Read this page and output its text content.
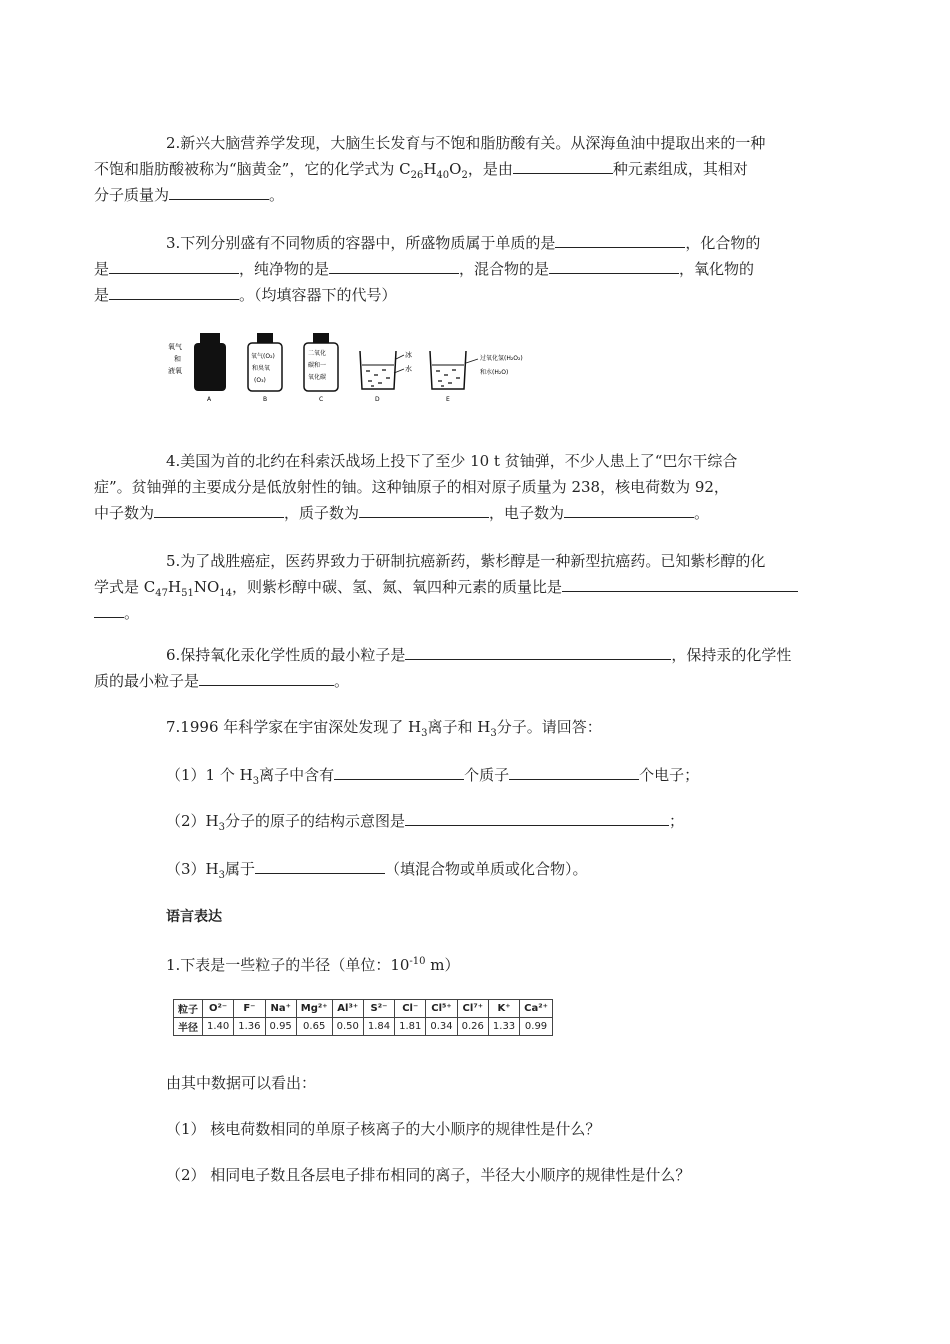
2.新兴大脑营养学发现，大脑生长发育与不饱和脂肪酸有关。从深海鱼油中提取出来的一种
不饱和脂肪酸被称为“脑黄金”，它的化学式为 $C_{26}H_{40}O_2$，是由	种元素组成，其相对
分子质量为	。

3.下列分别盛有不同物质的容器中，所盛物质属于单质的是	，化合物的
是	，纯净物的是	，混合物的是	，氧化物的
是	。（均填容器下的代号）

氧气
和
液氧
A
氧气(O₂)
和臭氧
(O₃)
B
二氧化
碳和一
氧化碳
C
冰
水
D
过氧化氢(H₂O₂)
和水(H₂O)
E

4.美国为首的北约在科索沃战场上投下了至少 10 t 贫铀弹，不少人患上了“巴尔干综合
症”。贫铀弹的主要成分是低放射性的铀。这种铀原子的相对原子质量为 238，核电荷数为 92，
中子数为	，质子数为	，电子数为	。

5.为了战胜癌症，医药界致力于研制抗癌新药，紫杉醇是一种新型抗癌药。已知紫杉醇的化
学式是 $C_{47}H_{51}NO_{14}$，则紫杉醇中碳、氢、氮、氧四种元素的质量比是
。

6.保持氧化汞化学性质的最小粒子是	，保持汞的化学性
质的最小粒子是	。

7.1996 年科学家在宇宙深处发现了 $H_3$离子和 $H_3$分子。请回答：

（1）1 个 $H_3$离子中含有	个质子	个电子；

$(2)H_3$分子的原子的结构示意图是	；

$(3)H_3$属于	（填混合物或单质或化合物）。

语言表达

1.下表是一些粒子的半径（单位：$10^{-10}$ m）

粒子	O²⁻	F⁻	Na⁺	Mg²⁺	Al³⁺	S²⁻	Cl⁻	Cl⁵⁺	Cl⁷⁺	K⁺	Ca²⁺
半径	1.40	1.36	0.95	0.65	0.50	1.84	1.81	0.34	0.26	1.33	0.99

由其中数据可以看出：

（1） 核电荷数相同的单原子核离子的大小顺序的规律性是什么？

（2） 相同电子数且各层电子排布相同的离子，半径大小顺序的规律性是什么？
